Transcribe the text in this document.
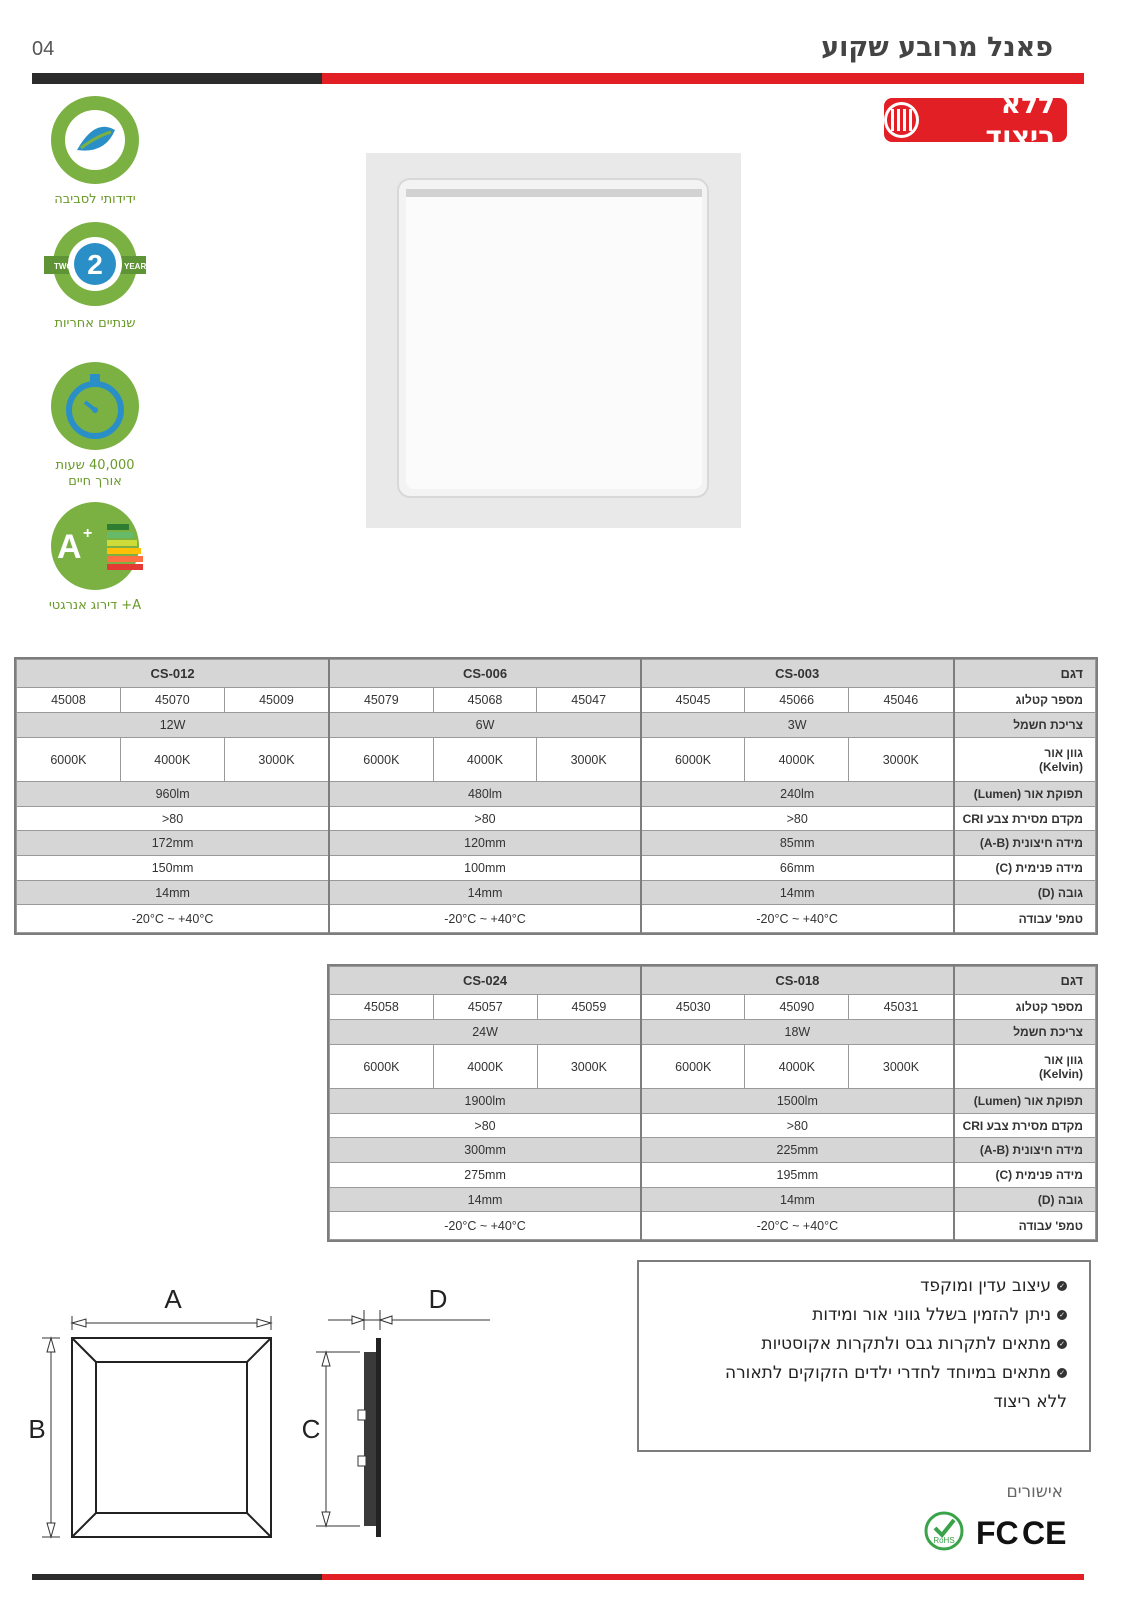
04	פאנל מרובע שקוע
ללא ריצוד
ידידותי לסביבה
2
TWO	YEAR
שנתיים אחריות
40,000 שעות
אורך חיים
A +
A+ דירוג אנרגטי
CS-012			CS-006			CS-003			דגם
45008	45070	45009	45079	45068	45047	45045	45066	45046	מספר קטלוג
12W			6W			3W			צריכת חשמל
6000K	4000K	3000K	6000K	4000K	3000K	6000K	4000K	3000K	גוון אור
(Kelvin)

960lm			480lm			240lm			תפוקת אור (Lumen)
>80			>80			>80			מקדם מסירת צבע CRI
172mm			120mm			85mm			מידה חיצונית (A-B)
150mm			100mm			66mm			מידה פנימית (C)
14mm			14mm			14mm			גובה (D)
-20°C ~ +40°C			-20°C ~ +40°C			-20°C ~ +40°C			טמפ' עבודה
CS-024			CS-018			דגם
45058	45057	45059	45030	45090	45031	מספר קטלוג
24W			18W			צריכת חשמל
6000K	4000K	3000K	6000K	4000K	3000K	גוון אור
(Kelvin)

1900lm			1500lm			תפוקת אור (Lumen)
>80			>80			מקדם מסירת צבע CRI
300mm			225mm			מידה חיצונית (A-B)
275mm			195mm			מידה פנימית (C)
14mm			14mm			גובה (D)
-20°C ~ +40°C			-20°C ~ +40°C			טמפ' עבודה
A
B
D
C
✓עיצוב עדין ומוקפד
✓ניתן להזמין בשלל גווני אור ומידות
✓מתאים לתקרות גבס ולתקרות אקוסטיות
✓מתאים במיוחד לחדרי ילדים הזקוקים לתאורה
ללא ריצוד
אישורים
RoHS FC CE
